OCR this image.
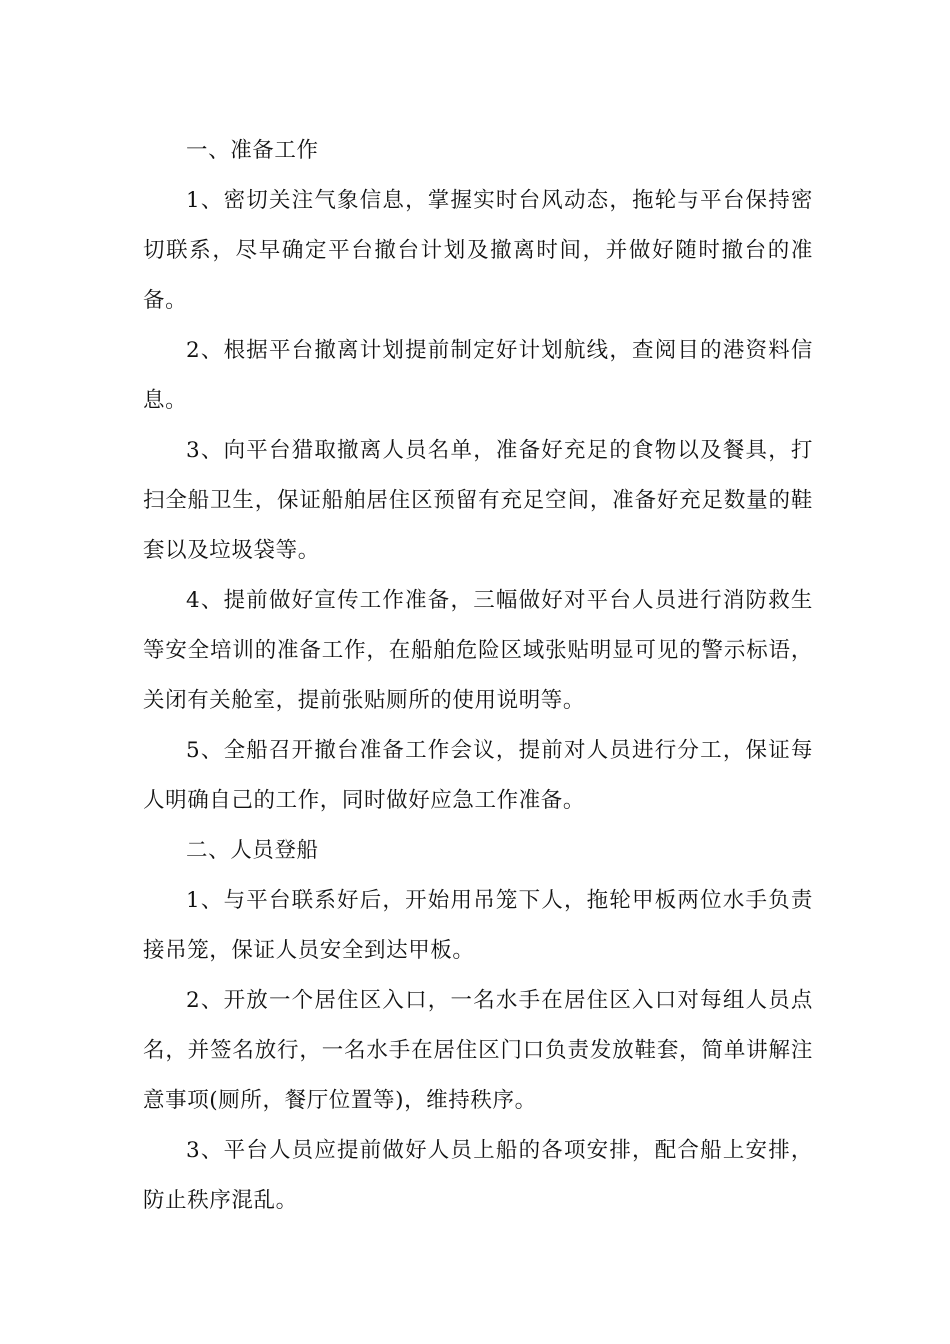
一、准备工作

1、密切关注气象信息，掌握实时台风动态，拖轮与平台保持密切联系，尽早确定平台撤台计划及撤离时间，并做好随时撤台的准备。

2、根据平台撤离计划提前制定好计划航线，查阅目的港资料信息。

3、向平台猎取撤离人员名单，准备好充足的食物以及餐具，打扫全船卫生，保证船舶居住区预留有充足空间，准备好充足数量的鞋套以及垃圾袋等。

4、提前做好宣传工作准备，三幅做好对平台人员进行消防救生等安全培训的准备工作，在船舶危险区域张贴明显可见的警示标语，关闭有关舱室，提前张贴厕所的使用说明等。

5、全船召开撤台准备工作会议，提前对人员进行分工，保证每人明确自己的工作，同时做好应急工作准备。

二、人员登船

1、与平台联系好后，开始用吊笼下人，拖轮甲板两位水手负责接吊笼，保证人员安全到达甲板。

2、开放一个居住区入口，一名水手在居住区入口对每组人员点名，并签名放行，一名水手在居住区门口负责发放鞋套，简单讲解注意事项(厕所，餐厅位置等)，维持秩序。

3、平台人员应提前做好人员上船的各项安排，配合船上安排，防止秩序混乱。
